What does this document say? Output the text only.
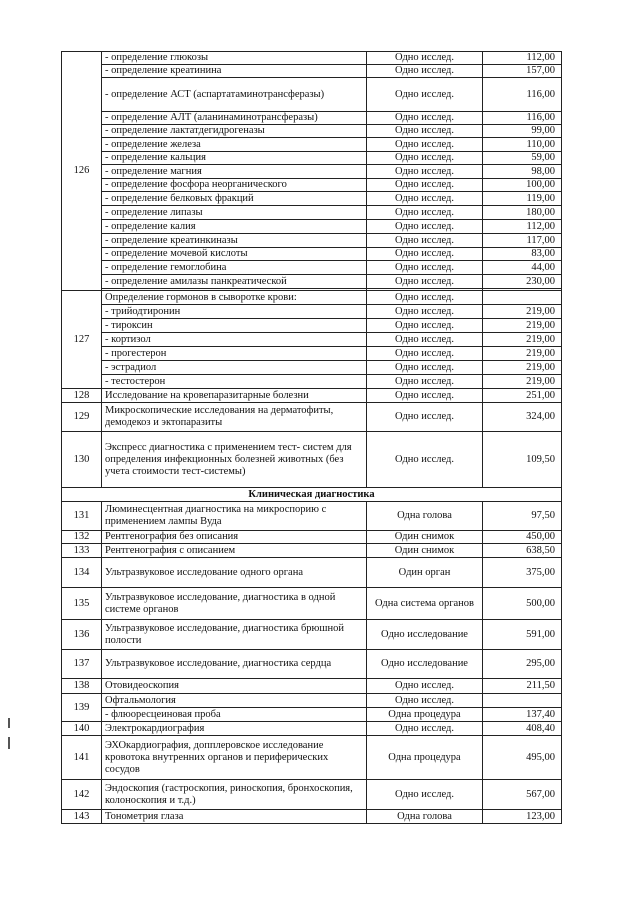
126	- определение глюкозы	Одно исслед.	112,00
	- определение креатинина	Одно исслед.	157,00
	- определение АСТ (аспартатаминотрансферазы)	Одно исслед.	116,00
	- определение АЛТ (аланинаминотрансферазы)	Одно исслед.	116,00
	- определение лактатдегидрогеназы	Одно исслед.	99,00
	- определение железа	Одно исслед.	110,00
	- определение кальция	Одно исслед.	59,00
	- определение магния	Одно исслед.	98,00
	- определение фосфора неорганического	Одно исслед.	100,00
	- определение белковых фракций	Одно исслед.	119,00
	- определение липазы	Одно исслед.	180,00
	- определение калия	Одно исслед.	112,00
	- определение креатинкиназы	Одно исслед.	117,00
	- определение мочевой кислоты	Одно исслед.	83,00
	- определение гемоглобина	Одно исслед.	44,00
	- определение амилазы панкреатической	Одно исслед.	230,00

127	Определение гормонов в сыворотке крови:	Одно исслед.	
	- трийодтиронин	Одно исслед.	219,00
	- тироксин	Одно исслед.	219,00
	- кортизол	Одно исслед.	219,00
	- прогестерон	Одно исслед.	219,00
	- эстрадиол	Одно исслед.	219,00
	- тестостерон	Одно исслед.	219,00
128	Исследование на кровепаразитарные болезни	Одно исслед.	251,00
129	Микроскопические исследования на дерматофиты, демодекоз и эктопаразиты	Одно исслед.	324,00
130	Экспресс диагностика с применением тест- систем для определения инфекционных болезней животных (без учета стоимости тест-системы)	Одно исслед.	109,50
Клиническая диагностика			
131	Люминесцентная диагностика на микроспорию с применением лампы Вуда	Одна голова	97,50
132	Рентгенография без описания	Один снимок	450,00
133	Рентгенография с описанием	Один снимок	638,50
134	Ультразвуковое исследование одного органа	Один орган	375,00
135	Ультразвуковое исследование, диагностика в одной системе органов	Одна система органов	500,00
136	Ультразвуковое исследование, диагностика брюшной полости	Одно исследование	591,00
137	Ультразвуковое исследование, диагностика сердца	Одно исследование	295,00
138	Отовидеоскопия	Одно исслед.	211,50
139	Офтальмология	Одно исслед.	
	- флюоресцеиновая проба	Одна процедура	137,40
140	Электрокардиография	Одно исслед.	408,40
141	ЭХОкардиография, допплеровское исследование кровотока внутренних органов и периферических сосудов	Одна процедура	495,00
142	Эндоскопия (гастроскопия, риноскопия, бронхоскопия, колоноскопия и т.д.)	Одно исслед.	567,00
143	Тонометрия глаза	Одна голова	123,00
